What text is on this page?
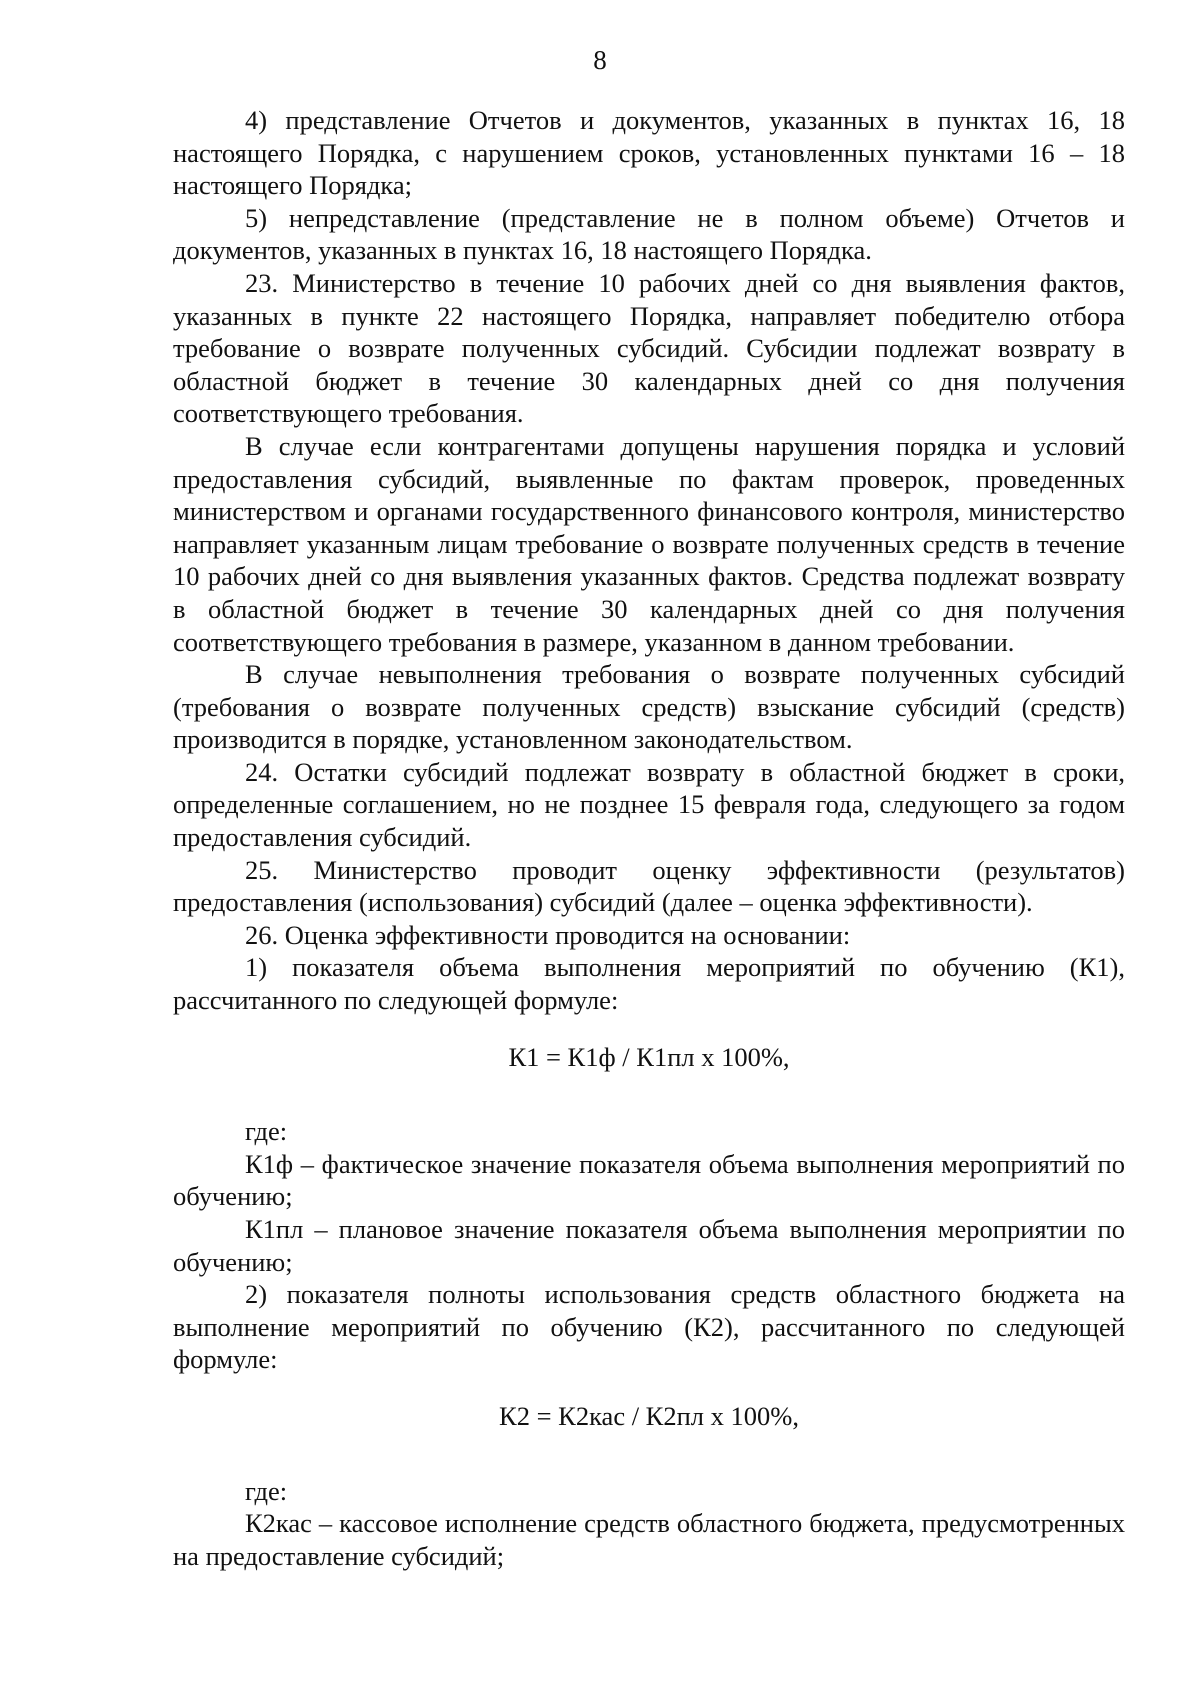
8

4) представление Отчетов и документов, указанных в пунктах 16, 18 настоящего Порядка, с нарушением сроков, установленных пунктами 16 – 18 настоящего Порядка;

5) непредставление (представление не в полном объеме) Отчетов и документов, указанных в пунктах 16, 18 настоящего Порядка.

23. Министерство в течение 10 рабочих дней со дня выявления фактов, указанных в пункте 22 настоящего Порядка, направляет победителю отбора требование о возврате полученных субсидий. Субсидии подлежат возврату в областной бюджет в течение 30 календарных дней со дня получения соответствующего требования.

В случае если контрагентами допущены нарушения порядка и условий предоставления субсидий, выявленные по фактам проверок, проведенных министерством и органами государственного финансового контроля, министерство направляет указанным лицам требование о возврате полученных средств в течение 10 рабочих дней со дня выявления указанных фактов. Средства подлежат возврату в областной бюджет в течение 30 календарных дней со дня получения соответствующего требования в размере, указанном в данном требовании.

В случае невыполнения требования о возврате полученных субсидий (требования о возврате полученных средств) взыскание субсидий (средств) производится в порядке, установленном законодательством.

24. Остатки субсидий подлежат возврату в областной бюджет в сроки, определенные соглашением, но не позднее 15 февраля года, следующего за годом предоставления субсидий.

25. Министерство проводит оценку эффективности (результатов) предоставления (использования) субсидий (далее – оценка эффективности).

26. Оценка эффективности проводится на основании:

1) показателя объема выполнения мероприятий по обучению (К1), рассчитанного по следующей формуле:

К1 = К1ф / К1пл х 100%,

где:

К1ф – фактическое значение показателя объема выполнения мероприятий по обучению;

К1пл – плановое значение показателя объема выполнения мероприятии по обучению;

2) показателя полноты использования средств областного бюджета на выполнение мероприятий по обучению (К2), рассчитанного по следующей формуле:

К2 = К2кас / К2пл х 100%,

где:

К2кас – кассовое исполнение средств областного бюджета, предусмотренных на предоставление субсидий;
